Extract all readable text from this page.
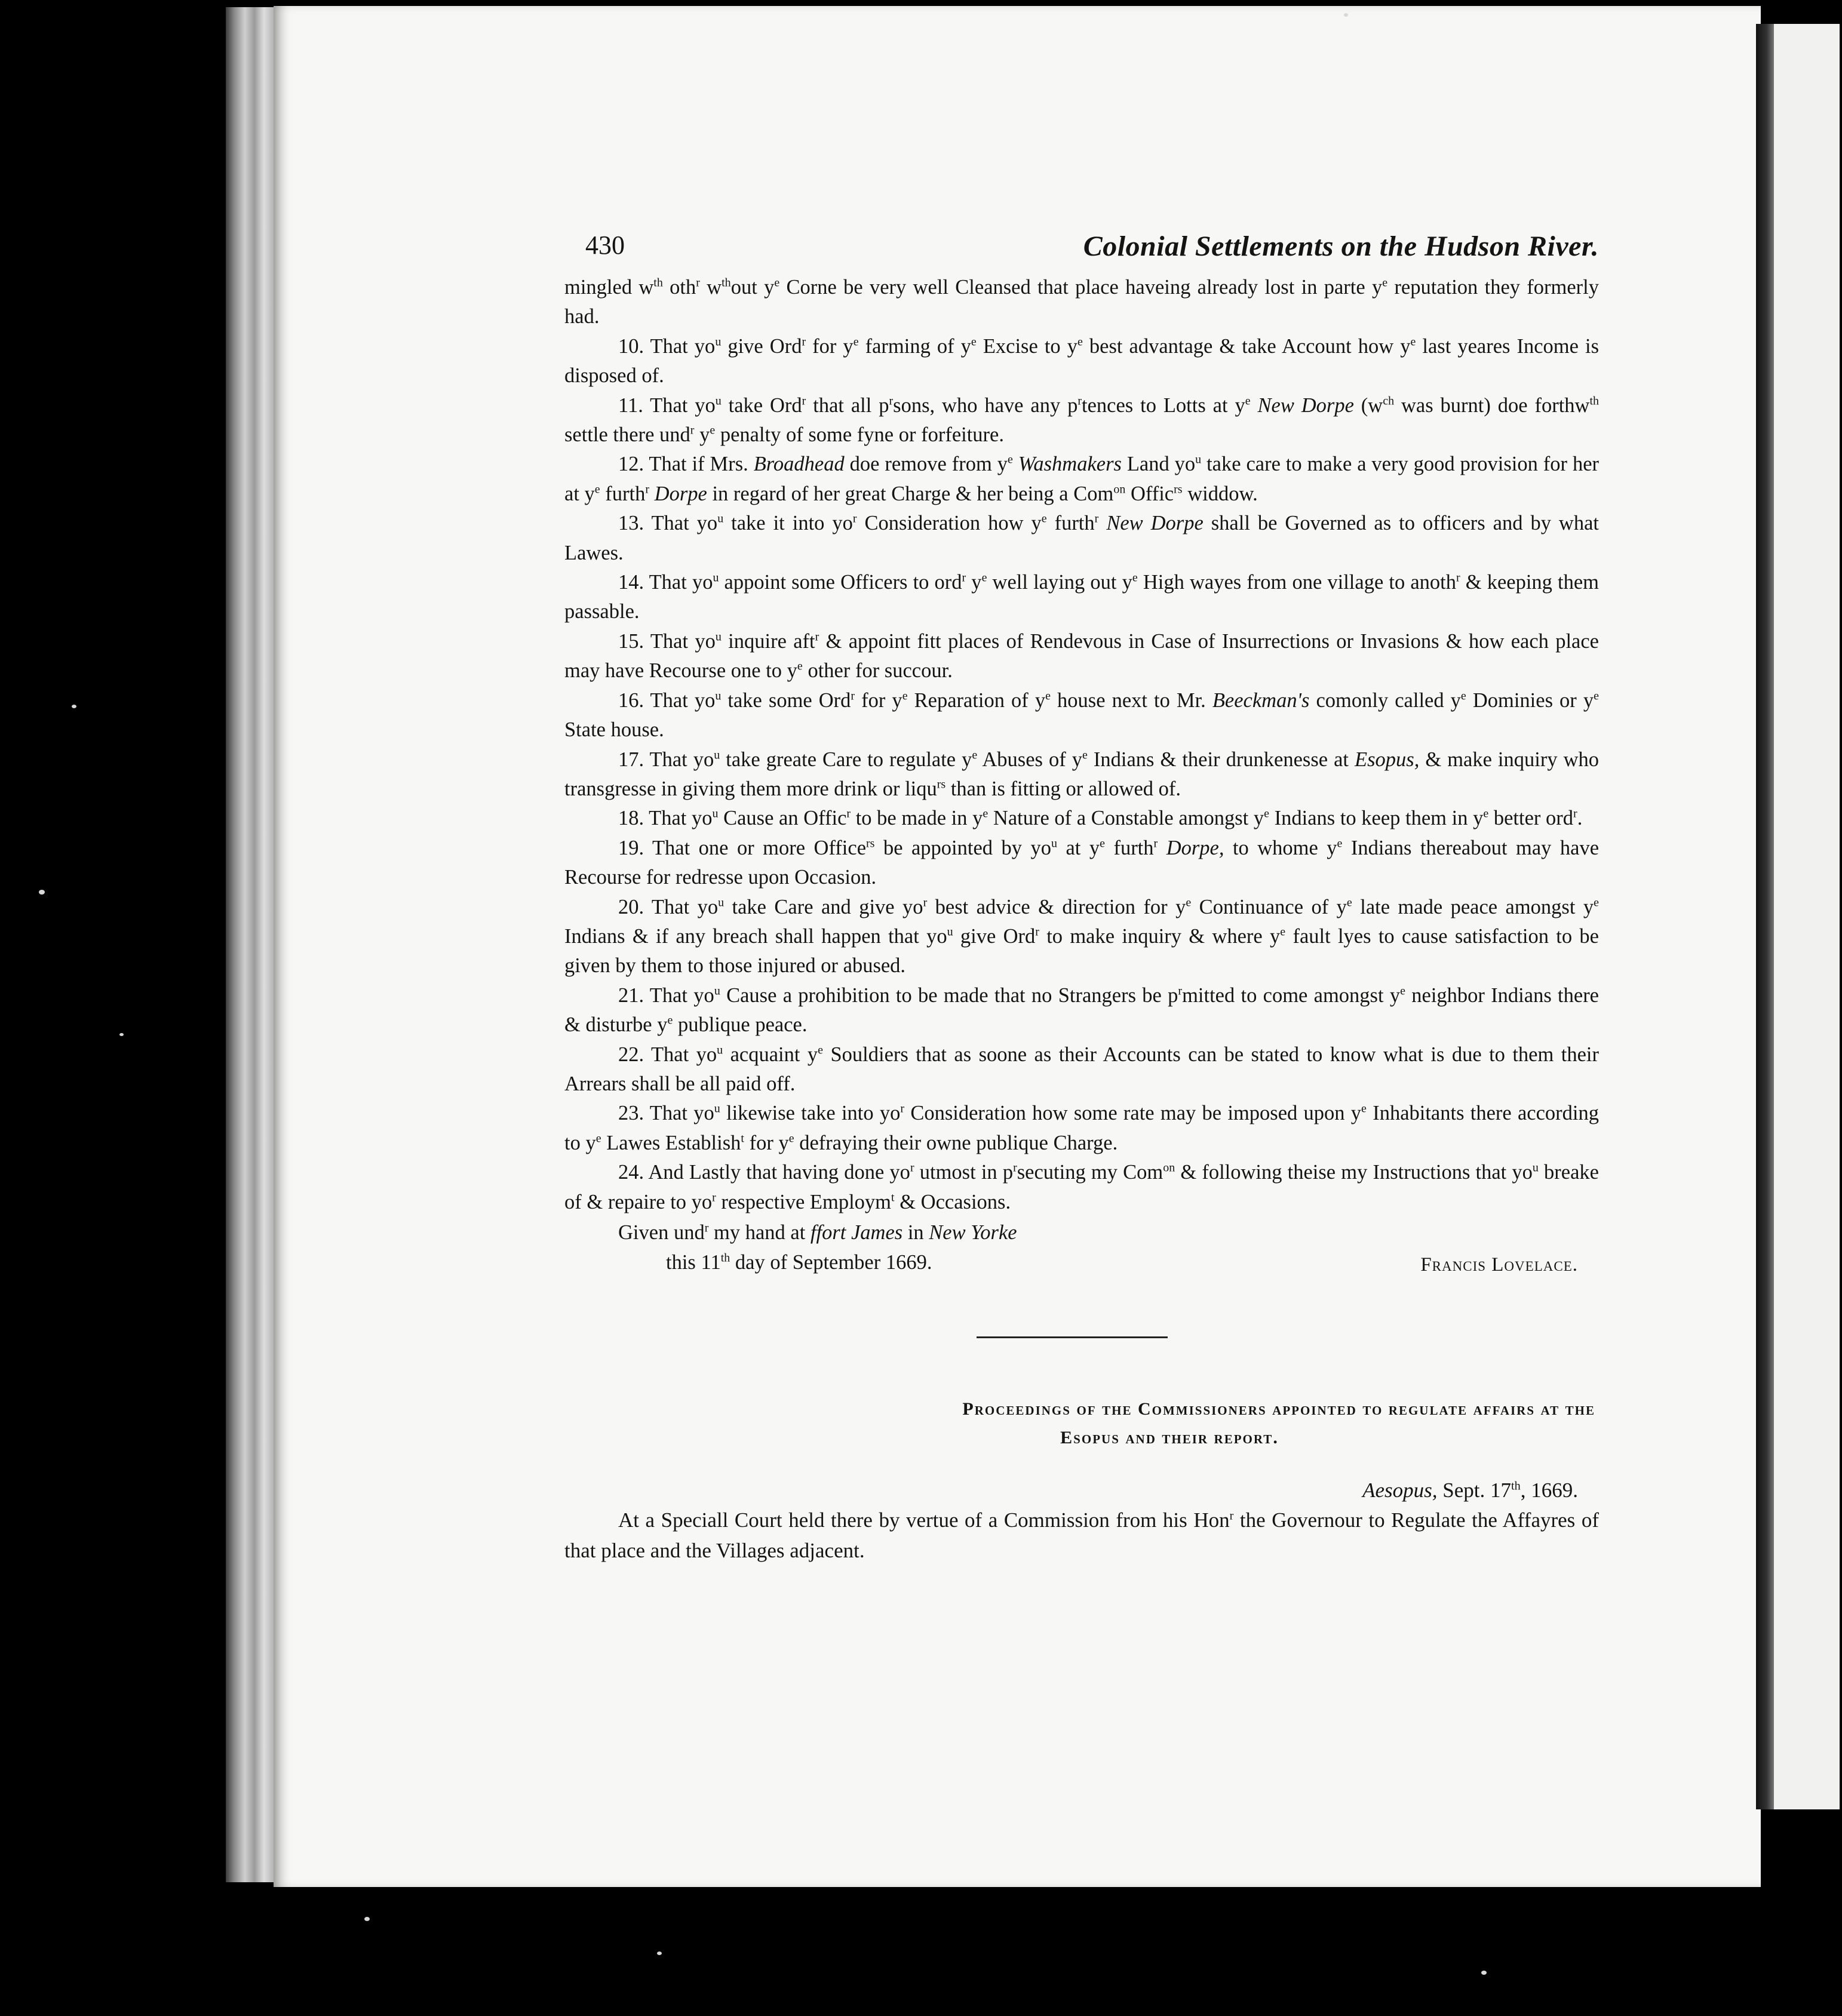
430	Colonial Settlements on the Hudson River.

mingled $w^{th}$ oth$^r$ $w^{th}out$ $y^e$ Corne be very well Cleansed that place haveing already lost in parte $y^e$ reputation they formerly had.

10. That $yo^u$ give Ord$^r$ for $y^e$ farming of $y^e$ Excise to $y^e$ best advantage & take Account how $y^e$ last yeares Income is disposed of.

11. That $yo^u$ take Ord$^r$ that all $p^rsons$, who have any $p^rtences$ to Lotts at $y^e$ New Dorpe ($w^{ch}$ was burnt) doe forthw$^{th}$ settle there und$^r$ $y^e$ penalty of some fyne or forfeiture.

12. That if Mrs. Broadhead doe remove from $y^e$ Washmakers Land $yo^u$ take care to make a very good provision for her at $y^e$ furth$^r$ Dorpe in regard of her great Charge & her being a Com$^{on}$ Offic$^{rs}$ widdow.

13. That $yo^u$ take it into $yo^r$ Consideration how $y^e$ furth$^r$ New Dorpe shall be Governed as to officers and by what Lawes.

14. That $yo^u$ appoint some Officers to ord$^r$ $y^e$ well laying out $y^e$ High wayes from one village to anoth$^r$ & keeping them passable.

15. That $yo^u$ inquire aft$^r$ & appoint fitt places of Rendevous in Case of Insurrections or Invasions & how each place may have Recourse one to $y^e$ other for succour.

16. That $yo^u$ take some Ord$^r$ for $y^e$ Reparation of $y^e$ house next to Mr. Beeckman's comonly called $y^e$ Dominies or $y^e$ State house.

17. That $yo^u$ take greate Care to regulate $y^e$ Abuses of $y^e$ Indians & their drunkenesse at Esopus, & make inquiry who transgresse in giving them more drink or liqu$^{rs}$ than is fitting or allowed of.

18. That $yo^u$ Cause an Offic$^r$ to be made in $y^e$ Nature of a Constable amongst $y^e$ Indians to keep them in $y^e$ better ord$^r$.

19. That one or more Office$^{rs}$ be appointed by $yo^u$ at $y^e$ furth$^r$ Dorpe, to whome $y^e$ Indians thereabout may have Recourse for redresse upon Occasion.

20. That $yo^u$ take Care and give $yo^r$ best advice & direction for $y^e$ Continuance of $y^e$ late made peace amongst $y^e$ Indians & if any breach shall happen that $yo^u$ give Ord$^r$ to make inquiry & where $y^e$ fault lyes to cause satisfaction to be given by them to those injured or abused.

21. That $yo^u$ Cause a prohibition to be made that no Strangers be $p^rmitted$ to come amongst $y^e$ neighbor Indians there & disturbe $y^e$ publique peace.

22. That $yo^u$ acquaint $y^e$ Souldiers that as soone as their Accounts can be stated to know what is due to them their Arrears shall be all paid off.

23. That $yo^u$ likewise take into $yo^r$ Consideration how some rate may be imposed upon $y^e$ Inhabitants there according to $y^e$ Lawes Establish$^t$ for $y^e$ defraying their owne publique Charge.

24. And Lastly that having done $yo^r$ utmost in $p^rsecuting$ my Com$^{on}$ & following theise my Instructions that $yo^u$ breake of & repaire to $yo^r$ respective Employm$^t$ & Occasions.

Given und$^r$ my hand at ffort James in New Yorke
this 11th day of September 1669.	Francis Lovelace.
Proceedings of the Commissioners appointed to regulate affairs at the
Esopus and their report.
Aesopus, Sept. 17th, 1669.

At a Speciall Court held there by vertue of a Commission from his Hon$^r$ the Governour to Regulate the Affayres of that place and the Villages adjacent.
